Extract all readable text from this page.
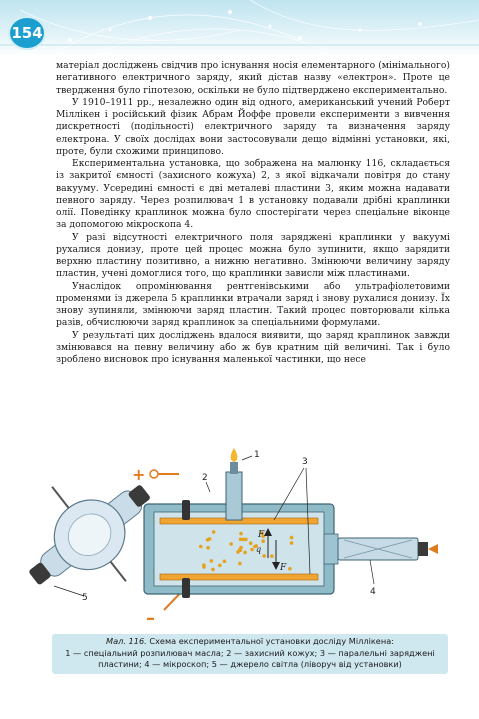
154

матеріал досліджень свідчив про існування носія елементарного (мінімального) негативного електричного заряду, який дістав назву «електрон». Проте це твердження було гіпотезою, оскільки не було підтверджено експериментально.

У 1910–1911 рр., незалежно один від одного, американський учений Роберт Міллікен і російський фізик Абрам Йоффе провели експерименти з вивчення дискретності (подільності) електричного заряду та визначення заряду електрона. У своїх дослідах вони застосовували дещо відмінні установки, які, проте, були схожими принципово.

Експериментальна установка, що зображена на малюнку 116, складається із закритої ємності (захисного кожуха) 2, з якої відкачали повітря до стану вакууму. Усередині ємності є дві металеві пластини 3, яким можна надавати певного заряду. Через розпилювач 1 в установку подавали дрібні краплинки олії. Поведінку краплинок можна було спостерігати через спеціальне віконце за допомогою мікроскопа 4.

У разі відсутності електричного поля заряджені краплинки у вакуумі рухалися донизу, проте цей процес можна було зупинити, якщо зарядити верхню пластину позитивно, а нижню негативно. Змінюючи величину заряду пластин, учені домоглися того, що краплинки зависли між пластинами.

Унаслідок опромінювання рентгенівськими або ультрафіолетовими променями із джерела 5 краплинки втрачали заряд і знову рухалися донизу. Їх знову зупиняли, змінюючи заряд пластин. Такий процес повторювали кілька разів, обчислюючи заряд краплинок за спеціальними формулами.

У результаті цих досліджень вдалося виявити, що заряд краплинок завжди змінювався на певну величину або ж був кратним цій величині. Так і було зроблено висновок про існування маленької частинки, що несе

5
+
–
1
2
3
F
F
q
4
Мал. 116. Схема експериментальної установки досліду Міллікена:
1 — спеціальний розпилювач масла; 2 — захисний кожух; 3 — паралельні заряджені
пластини; 4 — мікроскоп; 5 — джерело світла (ліворуч від установки)
